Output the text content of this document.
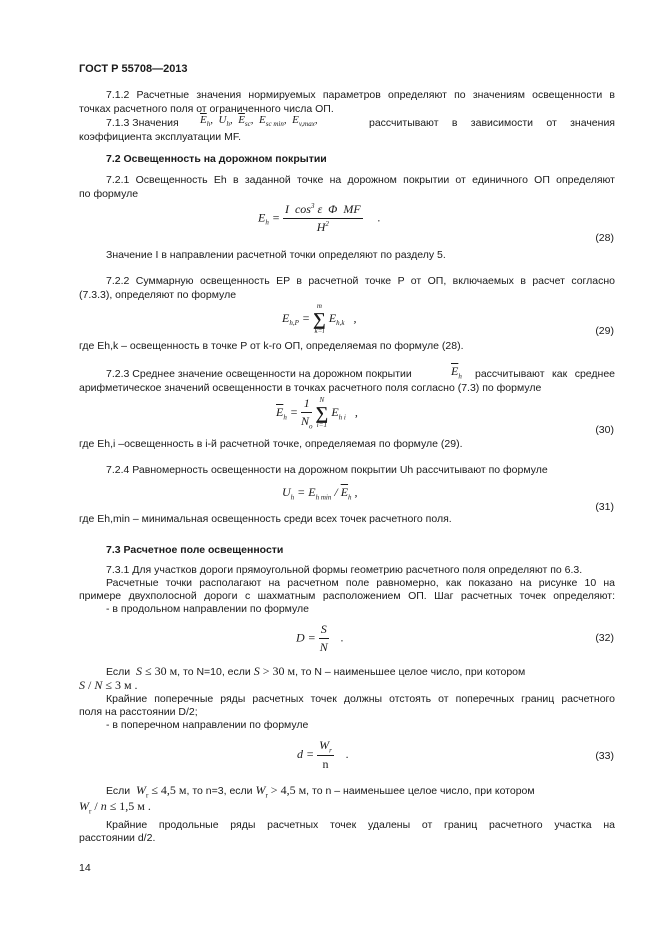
ГОСТ Р 55708—2013
7.1.2 Расчетные значения нормируемых параметров определяют по значениям освещенности в
точках расчетного поля от ограниченного числа ОП.
7.1.3 Значения $\overline{E}_h$,  $U_h$,  $\overline{E}_{sc}$,  $E_{sc min}$,  $E_{v,max}$,	рассчитывают в зависимости от значения
коэффициента эксплуатации MF.
7.2 Освещенность на дорожном покрытии
7.2.1 Освещенность Eh в заданной точке на дорожном покрытии от единичного ОП определяют
по формуле
$E_h = \frac{I \cos^3 \varepsilon \Phi MF}{H^2}$ .
(28)
Значение I в направлении расчетной точки определяют по разделу 5.
7.2.2 Суммарную освещенность EP в расчетной точке P от ОП, включаемых в расчет согласно
(7.3.3), определяют по формуле
$E_{h,P}$ =
m
∑
k=l
$E_{h,k}$   ,
(29)
где Eh,k – освещенность в точке P от k-го ОП, определяемая по формуле (28).
7.2.3 Среднее значение освещенности на дорожном покрытии	$\overline{E}_h$ рассчитывают как среднее
арифметическое значений освещенности в точках расчетного поля согласно (7.3) по формуле
$\overline{E}_h = \frac{1}{N_o}$
	N
∑
i=1
$E_{h i}$   ,
(30)
где Eh,i –освещенность в i-й расчетной точке, определяемая по формуле (29).
7.2.4 Равномерность освещенности на дорожном покрытии Uh рассчитывают по формуле
$U_h = E_{h min} / \overline{E}_h$ ,
(31)
где Eh,min – минимальная освещенность среди всех точек расчетного поля.
7.3 Расчетное поле освещенности
7.3.1 Для участков дороги прямоугольной формы геометрию расчетного поля определяют по 6.3.
Расчетные точки располагают на расчетном поле равномерно, как показано на рисунке 10 на
примере двухполосной дороги с шахматным расположением ОП. Шаг расчетных точек определяют:
- в продольном направлении по формуле
$D = \frac{S}{N}$ .	(32)
Если S ≤ 30 м, то N=10, если S > 30 м, то N – наименьшее целое число, при котором
S / N ≤ 3 м .
Крайние поперечные ряды расчетных точек должны отстоять от поперечных границ расчетного
поля на расстоянии D/2;
- в поперечном направлении по формуле
$d = \frac{W_r}{n}$ .	(33)
Если $W_r \le 4,5$ м, то n=3, если $W_r > 4,5$ м, то n – наименьшее целое число, при котором
$W_r / n \le 1,5$ м .
Крайние продольные ряды расчетных точек удалены от границ расчетного участка на
расстоянии d/2.
14
